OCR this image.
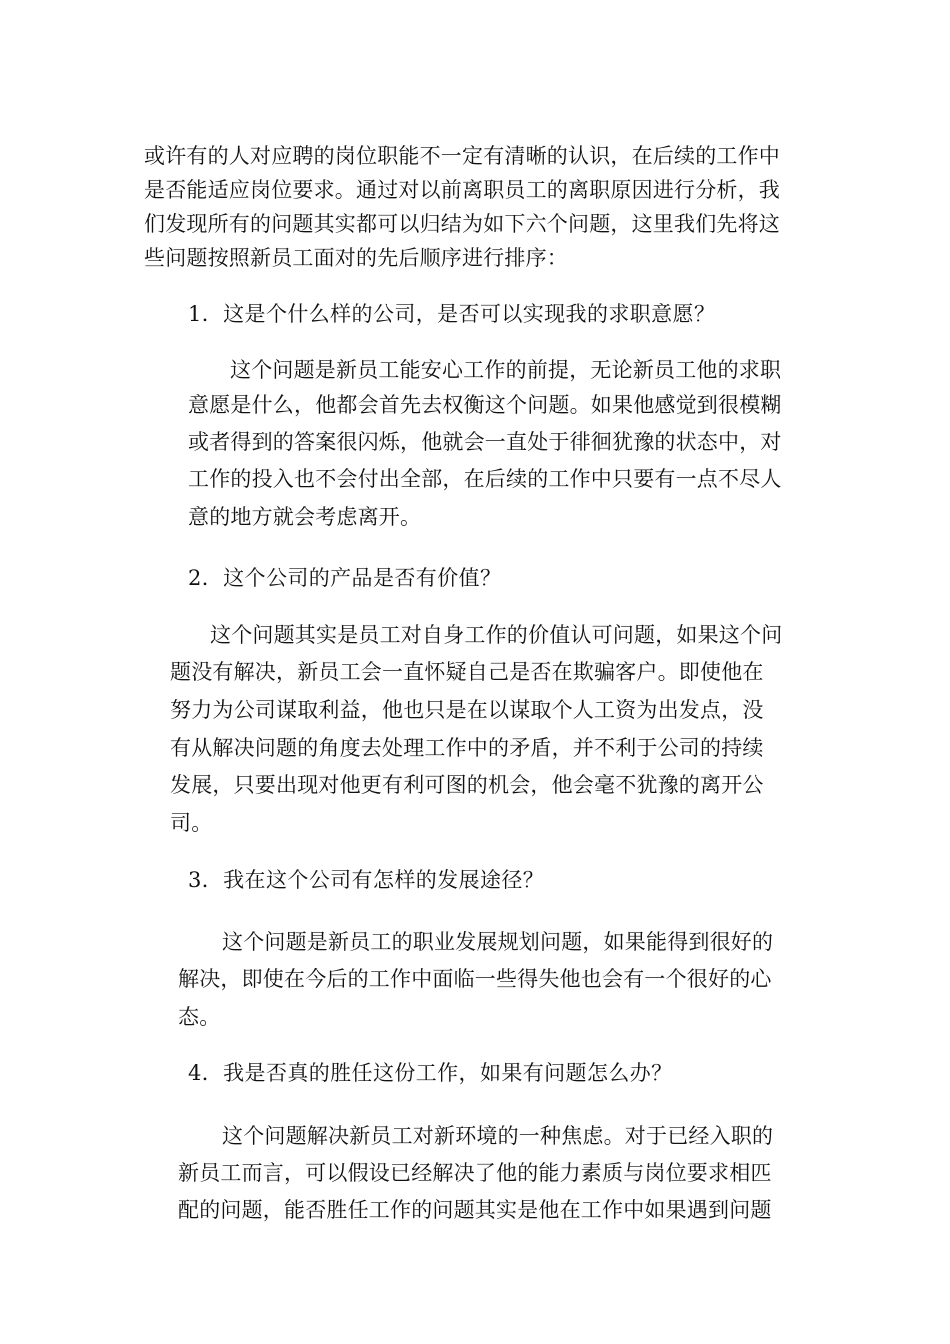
或许有的人对应聘的岗位职能不一定有清晰的认识，在后续的工作中
是否能适应岗位要求。通过对以前离职员工的离职原因进行分析，我
们发现所有的问题其实都可以归结为如下六个问题，这里我们先将这
些问题按照新员工面对的先后顺序进行排序：
1．这是个什么样的公司，是否可以实现我的求职意愿？
这个问题是新员工能安心工作的前提，无论新员工他的求职
意愿是什么，他都会首先去权衡这个问题。如果他感觉到很模糊
或者得到的答案很闪烁，他就会一直处于徘徊犹豫的状态中，对
工作的投入也不会付出全部，在后续的工作中只要有一点不尽人
意的地方就会考虑离开。
2．这个公司的产品是否有价值？
这个问题其实是员工对自身工作的价值认可问题，如果这个问
题没有解决，新员工会一直怀疑自己是否在欺骗客户。即使他在
努力为公司谋取利益，他也只是在以谋取个人工资为出发点，没
有从解决问题的角度去处理工作中的矛盾，并不利于公司的持续
发展，只要出现对他更有利可图的机会，他会毫不犹豫的离开公
司。
3．我在这个公司有怎样的发展途径？
这个问题是新员工的职业发展规划问题，如果能得到很好的
解决，即使在今后的工作中面临一些得失他也会有一个很好的心
态。
4．我是否真的胜任这份工作，如果有问题怎么办？
这个问题解决新员工对新环境的一种焦虑。对于已经入职的
新员工而言，可以假设已经解决了他的能力素质与岗位要求相匹
配的问题，能否胜任工作的问题其实是他在工作中如果遇到问题
